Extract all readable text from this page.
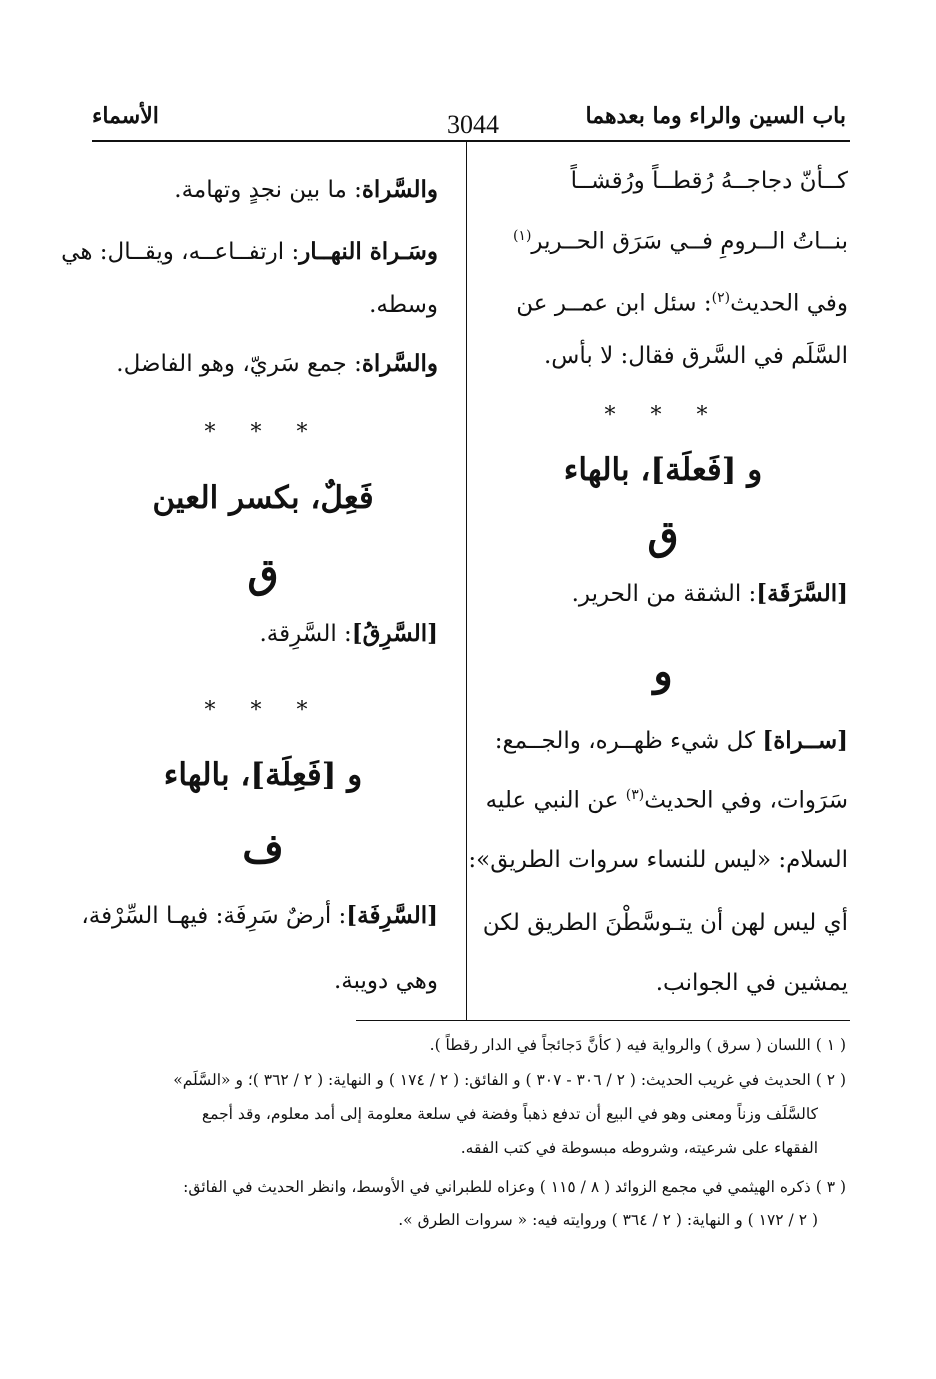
باب السين والراء وما بعدهما
3044
الأسماء
كــأنّ دجاجــهُ رُقطــاً ورُقشــاً
بنــاتُ الــرومِ فــي سَرَق الحــرير$^{(١)}$
وفي الحديث$^{(٢)}$: سئل ابن عمــر عن
السَّلَم في السَّرق فقال: لا بأس.
* * *
و [فَعلَة]، بالهاء
ق
[السَّرَقَة]: الشقة من الحرير.
و
[ســراة] كل شيء ظهــره، والجــمع:
سَرَوات، وفي الحديث$^{(٣)}$ عن النبي عليه
السلام: «ليس للنساء سروات الطريق»:
أي ليس لهن أن يتـوسَّطْنَ الطريق لكن
يمشين في الجوانب.
والسَّراة: ما بين نجدٍ وتهامة.
وسَـراة النهــار: ارتفــاعــه، ويقــال: هي
وسطه.
والسَّراة: جمع سَريّ، وهو الفاضل.
* * *
فَعِلٌ، بكسر العين
ق
[السَّرِقُ]: السَّرِقة.
* * *
و [فَعِلَة]، بالهاء
ف
[السَّرِفَة]: أرضٌ سَرِفَة: فيهـا السِّرْفة،
وهي دويبة.
( ١ ) اللسان ( سرق ) والرواية فيه ( كأنَّ دَجائجاً في الدار رقطاً ).
( ٢ ) الحديث في غريب الحديث: ( ٢ / ٣٠٦ - ٣٠٧ ) و الفائق: ( ٢ / ١٧٤ ) و النهاية: ( ٢ / ٣٦٢ )؛ و «السَّلَم»
كالسَّلَف وزناً ومعنى وهو في البيع أن تدفع ذهباً وفضة في سلعة معلومة إلى أمد معلوم، وقد أجمع
الفقهاء على شرعيته، وشروطه مبسوطة في كتب الفقه.
( ٣ ) ذكره الهيثمي في مجمع الزوائد ( ٨ / ١١٥ ) وعزاه للطبراني في الأوسط، وانظر الحديث في الفائق:
( ٢ / ١٧٢ ) و النهاية: ( ٢ / ٣٦٤ ) وروايته فيه: « سروات الطرق ».
